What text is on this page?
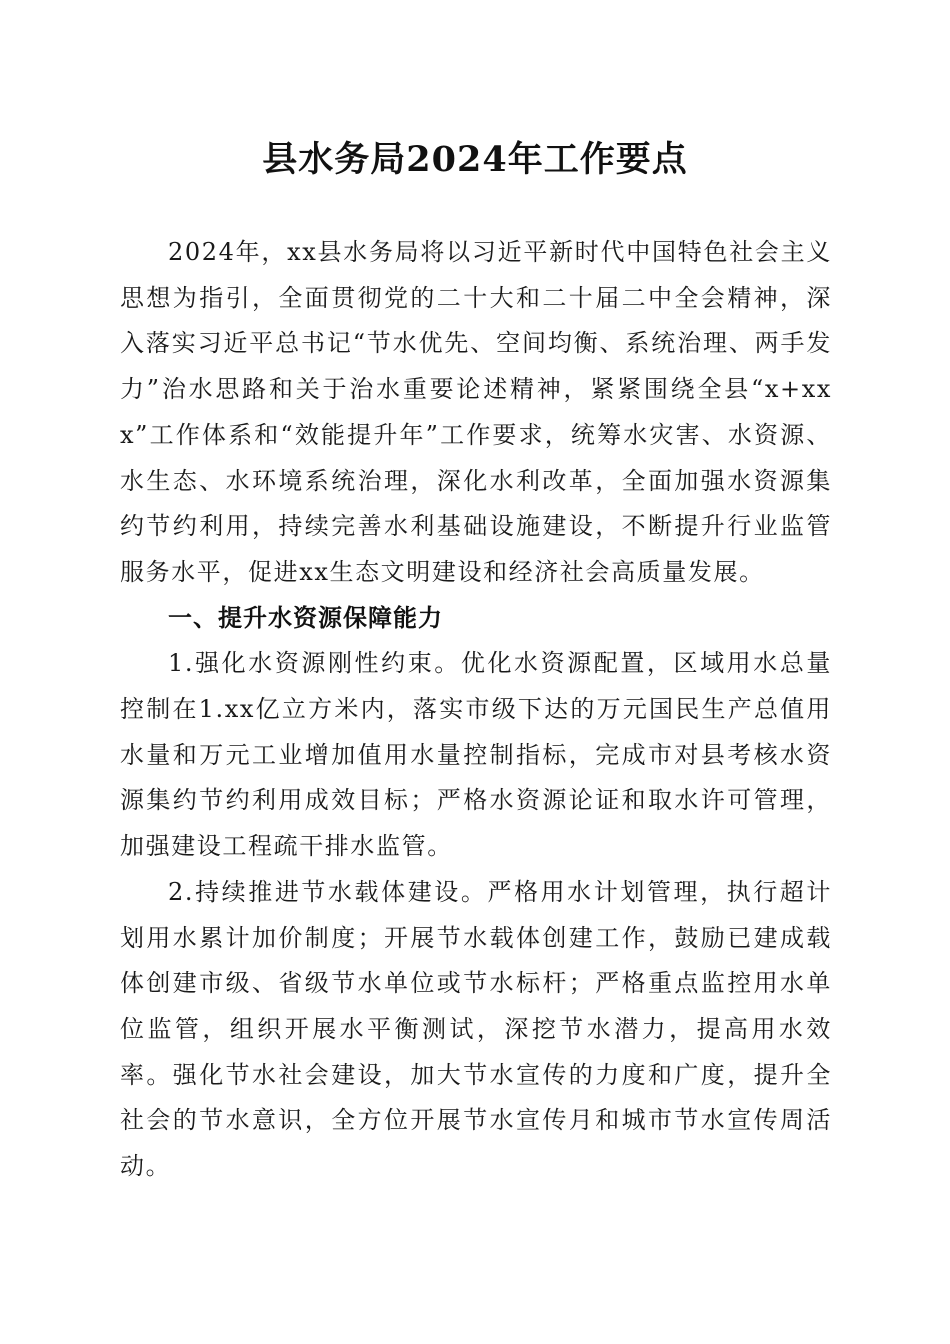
县水务局2024年工作要点

2024年，xx县水务局将以习近平新时代中国特色社会主义思想为指引，全面贯彻党的二十大和二十届二中全会精神，深入落实习近平总书记“节水优先、空间均衡、系统治理、两手发力”治水思路和关于治水重要论述精神，紧紧围绕全县“x+xxx”工作体系和“效能提升年”工作要求，统筹水灾害、水资源、水生态、水环境系统治理，深化水利改革，全面加强水资源集约节约利用，持续完善水利基础设施建设，不断提升行业监管服务水平，促进xx生态文明建设和经济社会高质量发展。

一、提升水资源保障能力

1.强化水资源刚性约束。优化水资源配置，区域用水总量控制在1.xx亿立方米内，落实市级下达的万元国民生产总值用水量和万元工业增加值用水量控制指标，完成市对县考核水资源集约节约利用成效目标；严格水资源论证和取水许可管理，加强建设工程疏干排水监管。

2.持续推进节水载体建设。严格用水计划管理，执行超计划用水累计加价制度；开展节水载体创建工作，鼓励已建成载体创建市级、省级节水单位或节水标杆；严格重点监控用水单位监管，组织开展水平衡测试，深挖节水潜力，提高用水效率。强化节水社会建设，加大节水宣传的力度和广度，提升全社会的节水意识，全方位开展节水宣传月和城市节水宣传周活动。
